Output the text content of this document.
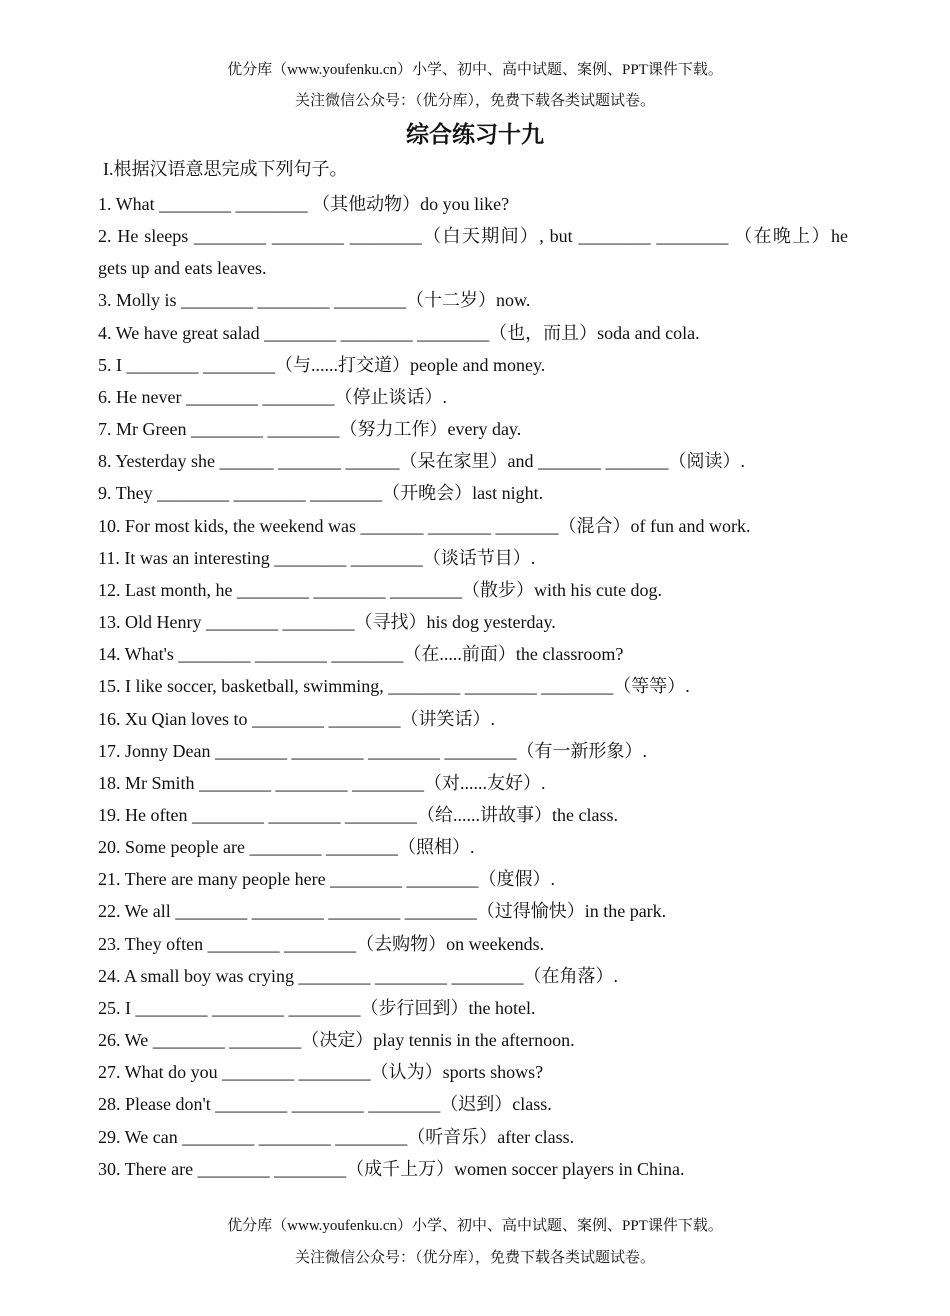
优分库（www.youfenku.cn）小学、初中、高中试题、案例、PPT课件下载。
关注微信公众号：（优分库），免费下载各类试题试卷。
综合练习十九
I.根据汉语意思完成下列句子。
1. What ________ ________ （其他动物）do you like?
2. He sleeps ________ ________ ________（白天期间）, but ________ ________ （在晚上）he gets up and eats leaves.
3. Molly is ________ ________ ________（十二岁）now.
4. We have great salad ________ ________ ________（也，而且）soda and cola.
5. I ________ ________（与......打交道）people and money.
6. He never ________ ________（停止谈话）.
7. Mr Green ________ ________（努力工作）every day.
8. Yesterday she ______ _______ ______（呆在家里）and _______ _______（阅读）.
9. They ________ ________ ________（开晚会）last night.
10. For most kids, the weekend was _______ _______ _______（混合）of fun and work.
11. It was an interesting ________ ________（谈话节目）.
12. Last month, he ________ ________ ________（散步）with his cute dog.
13. Old Henry ________ ________（寻找）his dog yesterday.
14. What's ________ ________ ________（在.....前面）the classroom?
15. I like soccer, basketball, swimming, ________ ________ ________（等等）.
16. Xu Qian loves to ________ ________（讲笑话）.
17. Jonny Dean ________ ________ ________ ________（有一新形象）.
18. Mr Smith ________ ________ ________（对......友好）.
19. He often ________ ________ ________（给......讲故事）the class.
20. Some people are ________ ________（照相）.
21. There are many people here ________ ________（度假）.
22. We all ________ ________ ________ ________（过得愉快）in the park.
23. They often ________ ________（去购物）on weekends.
24. A small boy was crying ________ ________ ________（在角落）.
25. I ________ ________ ________（步行回到）the hotel.
26. We ________ ________（决定）play tennis in the afternoon.
27. What do you ________ ________（认为）sports shows?
28. Please don't ________ ________ ________（迟到）class.
29. We can ________ ________ ________（听音乐）after class.
30. There are ________ ________（成千上万）women soccer players in China.
优分库（www.youfenku.cn）小学、初中、高中试题、案例、PPT课件下载。
关注微信公众号：（优分库），免费下载各类试题试卷。
